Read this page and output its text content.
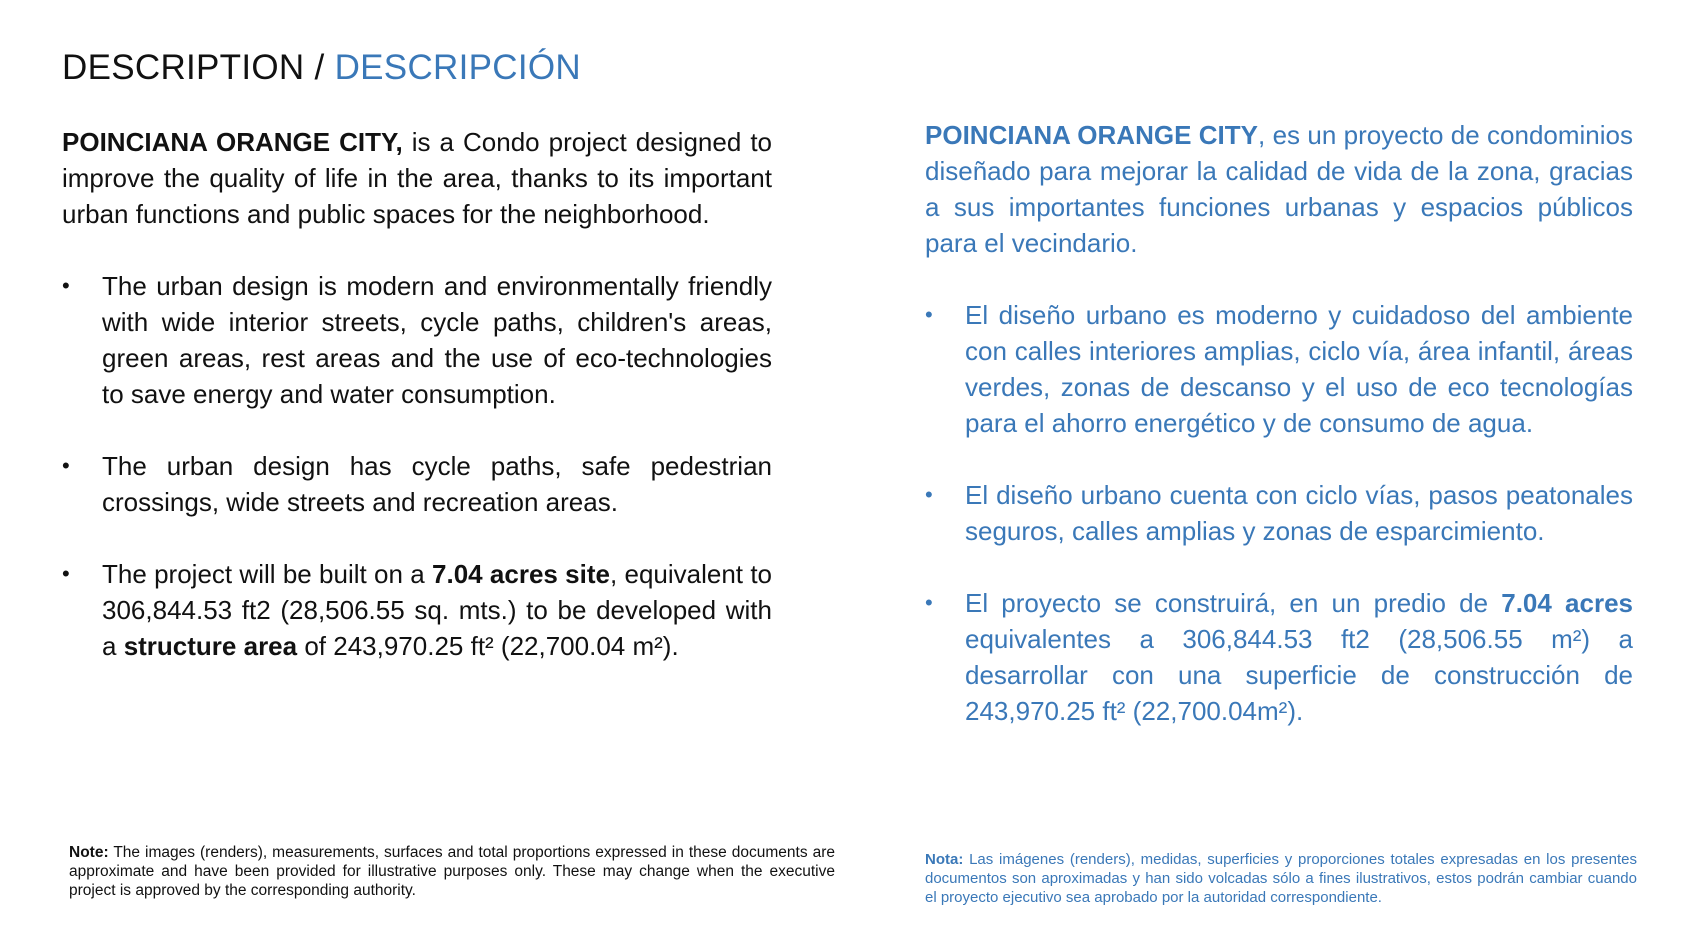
DESCRIPTION / DESCRIPCIÓN

POINCIANA ORANGE CITY, is a Condo project designed to improve the quality of life in the area, thanks to its important urban functions and public spaces for the neighborhood.

• The urban design is modern and environmentally friendly with wide interior streets, cycle paths, children's areas, green areas, rest areas and the use of eco-technologies to save energy and water consumption.
• The urban design has cycle paths, safe pedestrian crossings, wide streets and recreation areas.
• The project will be built on a 7.04 acres site, equivalent to 306,844.53 ft2 (28,506.55 sq. mts.) to be developed with a structure area of 243,970.25 ft² (22,700.04 m²).

POINCIANA ORANGE CITY, es un proyecto de condominios diseñado para mejorar la calidad de vida de la zona, gracias a sus importantes funciones urbanas y espacios públicos para el vecindario.

• El diseño urbano es moderno y cuidadoso del ambiente con calles interiores amplias, ciclo vía, área infantil, áreas verdes, zonas de descanso y el uso de eco tecnologías para el ahorro energético y de consumo de agua.
• El diseño urbano cuenta con ciclo vías, pasos peatonales seguros, calles amplias y zonas de esparcimiento.
• El proyecto se construirá, en un predio de 7.04 acres equivalentes a 306,844.53 ft2 (28,506.55 m²) a desarrollar con una superficie de construcción de 243,970.25 ft² (22,700.04m²).

Note: The images (renders), measurements, surfaces and total proportions expressed in these documents are approximate and have been provided for illustrative purposes only. These may change when the executive project is approved by the corresponding authority.

Nota: Las imágenes (renders), medidas, superficies y proporciones totales expresadas en los presentes documentos son aproximadas y han sido volcadas sólo a fines ilustrativos, estos podrán cambiar cuando el proyecto ejecutivo sea aprobado por la autoridad correspondiente.
